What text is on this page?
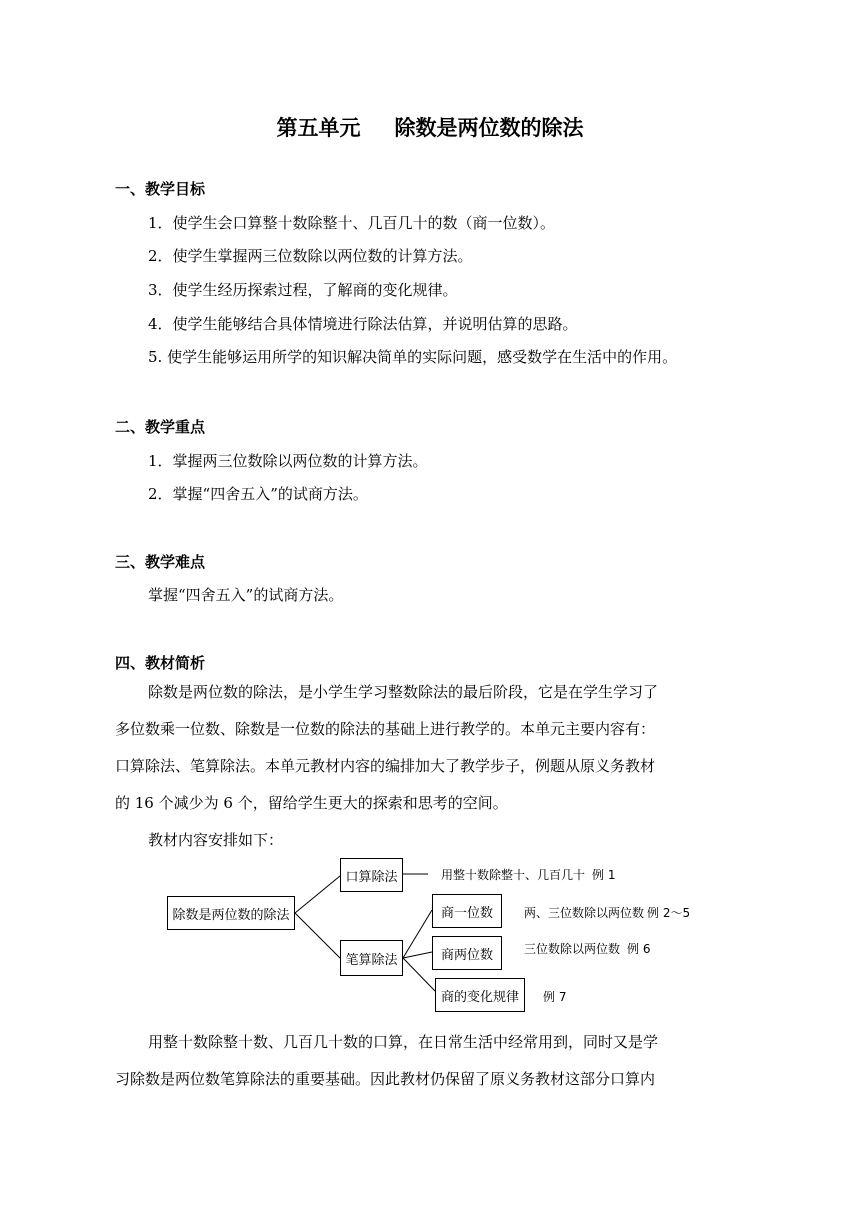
第五单元 除数是两位数的除法
一、教学目标
1．使学生会口算整十数除整十、几百几十的数（商一位数）。
2．使学生掌握两三位数除以两位数的计算方法。
3．使学生经历探索过程，了解商的变化规律。
4．使学生能够结合具体情境进行除法估算，并说明估算的思路。
5. 使学生能够运用所学的知识解决简单的实际问题，感受数学在生活中的作用。
二、教学重点
1．掌握两三位数除以两位数的计算方法。
2．掌握“四舍五入”的试商方法。
三、教学难点
掌握“四舍五入”的试商方法。
四、教材简析
除数是两位数的除法，是小学生学习整数除法的最后阶段，它是在学生学习了
多位数乘一位数、除数是一位数的除法的基础上进行教学的。本单元主要内容有：
口算除法、笔算除法。本单元教材内容的编排加大了教学步子，例题从原义务教材
的 16 个减少为 6 个，留给学生更大的探索和思考的空间。
教材内容安排如下：
除数是两位数的除法
口算除法	用整十数除整十、几百几十 例 1
笔算除法
商一位数	两、三位数除以两位数 例 2～5
商两位数	三位数除以两位数 例 6
商的变化规律	例 7
用整十数除整十数、几百几十数的口算，在日常生活中经常用到，同时又是学
习除数是两位数笔算除法的重要基础。因此教材仍保留了原义务教材这部分口算内
